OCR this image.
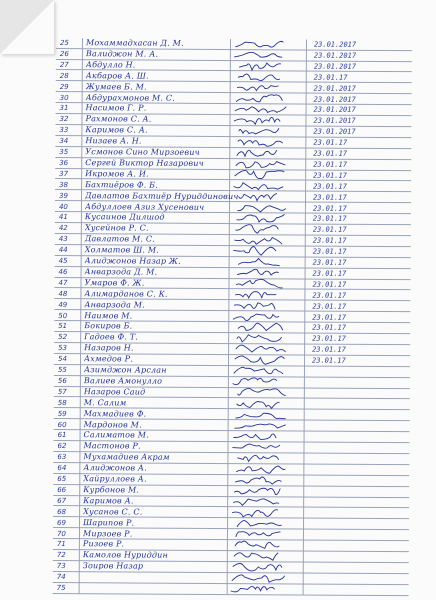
25	Мохаммадхасан Д. М.	23.01.2017
26	Валиджон М. А.	23.01.2017
27	Абдулло Н.	23.01.2017
28	Акбаров А. Ш.	23.01.17
29	Жумаев Б. М.	23.01.2017
30	Абдурахмонов М. С.	23.01.2017
31	Насимов Г. Р.	23.01.2017
32	Рахмонов С. А.	23.01.2017
33	Каримов С. А.	23.01.2017
34	Низаев А. Н.	23.01.17
35	Усмонов Сино Мирзоевич	23.01.17
36	Сергей Виктор Назарович	23.01.17
37	Икромов А. И.	23.01.17
38	Бахтиёров Ф. Б.	23.01.17
39	Давлатов Бахтиёр Нуриддинович	23.01.17
40	Абдуллоев Азиз Хусенович	23.01.17
41	Кусаинов Дилшод	23.01.17
42	Хусейнов Р. С.	23.01.17
43	Давлатов М. С.	23.01.17
44	Холматов Ш. М.	23.01.17
45	Алиджонов Назар Ж.	23.01.17
46	Анварзода Д. М.	23.01.17
47	Умаров Ф. Ж.	23.01.17
48	Алимарданов С. К.	23.01.17
49	Анварзода М.	23.01.17
50	Наимов М.	23.01.17
51	Бокиров Б.	23.01.17
52	Гадоев Ф. Т.	23.01.17
53	Назаров Н.	23.01.17
54	Ахмедов Р.	23.01.17
55	Азимджон Арслан
56	Валиев Амонулло
57	Назаров Саид
58	М. Салим
59	Махмадиев Ф.
60	Мардонов М.
61	Салиматов М.
62	Мастонов Р.
63	Мухамадиев Акрам
64	Алиджонов А.
65	Хайруллоев А.
66	Курбонов М.
67	Каримов А.
68	Хусанов С. С.
69	Шарипов Р.
70	Мирзоев Р.
71	Ризоев Р.
72	Камолов Нуриддин
73	Зоиров Назар
74
75
